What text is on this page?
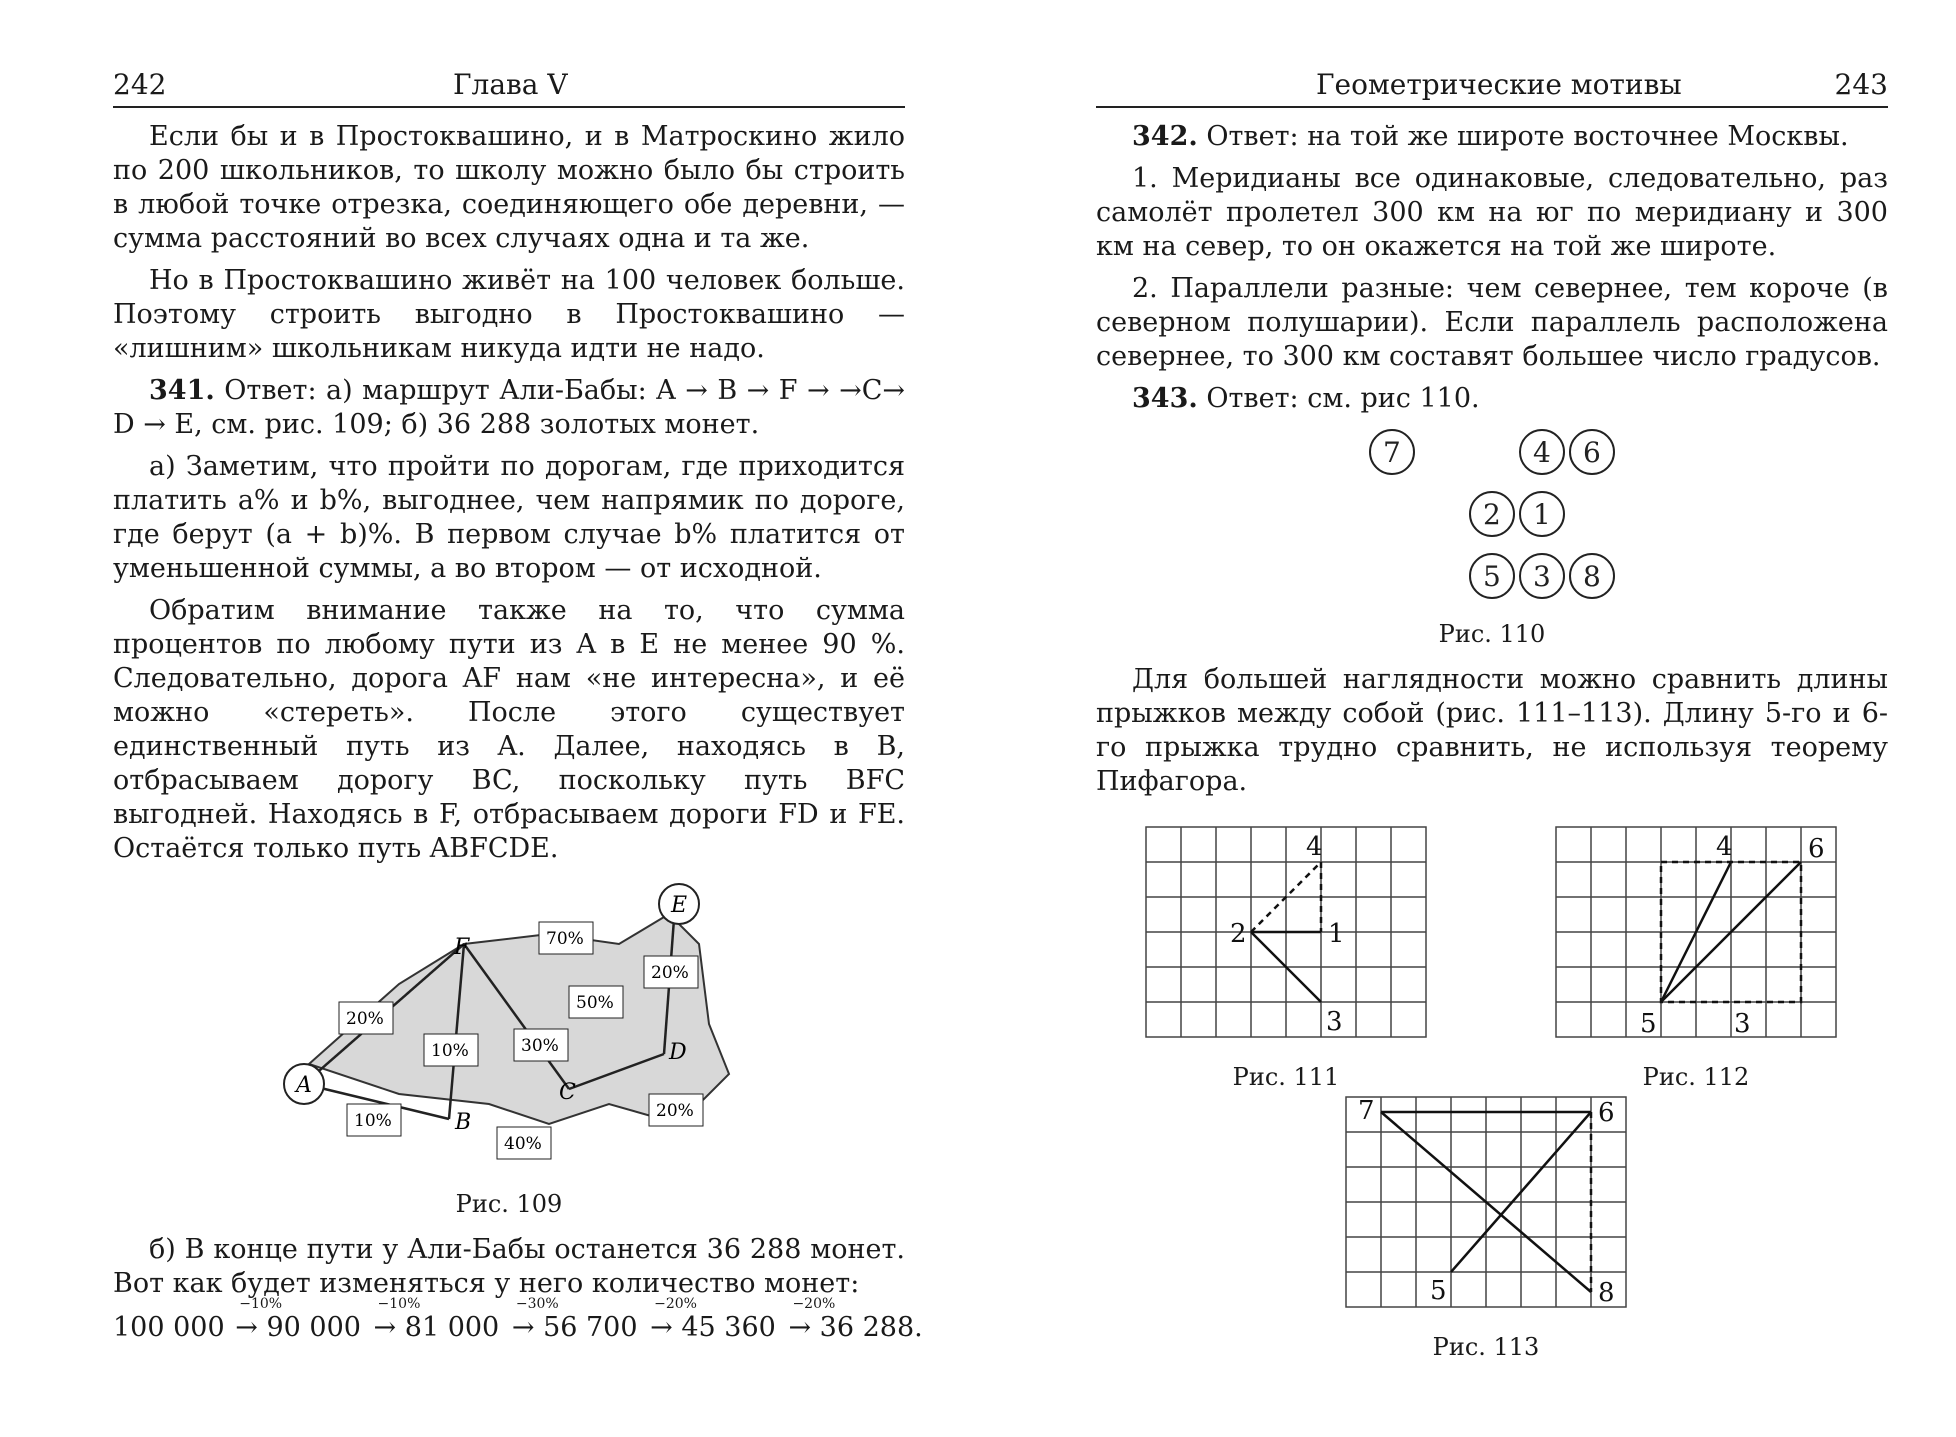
242	Глава V

Если бы и в Простоквашино, и в Матроскино жило по 200 школьников, то школу можно было бы строить в любой точке отрезка, соединяющего обе деревни, — сумма расстояний во всех случаях одна и та же.

Но в Простоквашино живёт на 100 человек больше. Поэтому строить выгодно в Простоквашино — «лишним» школьникам никуда идти не надо.

341. Ответ: а) маршрут Али-Бабы: A → B → F → →C→ D → E, см. рис. 109; б) 36 288 золотых монет.

а) Заметим, что пройти по дорогам, где приходится платить a% и b%, выгоднее, чем напрямик по дороге, где берут (a + b)%. В первом случае b% платится от уменьшенной суммы, а во втором — от исходной.

Обратим внимание также на то, что сумма процентов по любому пути из A в E не менее 90 %. Следовательно, дорога AF нам «не интересна», и её можно «стереть». После этого существует единственный путь из A. Далее, находясь в B, отбрасываем дорогу BC, поскольку путь BFC выгодней. Находясь в F, отбрасываем дороги FD и FE. Остаётся только путь ABFCDE.

A
B
C
D
E
F
20%
10%
10%	30%
40%
50%
70%
20%
20%
Рис. 109

б) В конце пути у Али-Бабы останется 36 288 монет. Вот как будет изменяться у него количество монет:

100 000
−10%
→ 90 000
−10%
→ 81 000
−30%
→ 56 700
−20%
→ 45 360
−20%
→ 36 288.
Геометрические мотивы	243

342. Ответ: на той же широте восточнее Москвы.

1. Меридианы все одинаковые, следовательно, раз самолёт пролетел 300 км на юг по меридиану и 300 км на север, то он окажется на той же широте.

2. Параллели разные: чем севернее, тем короче (в северном полушарии). Если параллель расположена севернее, то 300 км составят большее число градусов.

343. Ответ: см. рис 110.

7	4 6
2 1
5 3 8
Рис. 110

Для большей наглядности можно сравнить длины прыжков между собой (рис. 111–113). Длину 5-го и 6-го прыжка трудно сравнить, не используя теорему Пифагора.

4
2	1
3
Рис. 111
4	6
5	3
Рис. 112
7	6
5	8
Рис. 113
